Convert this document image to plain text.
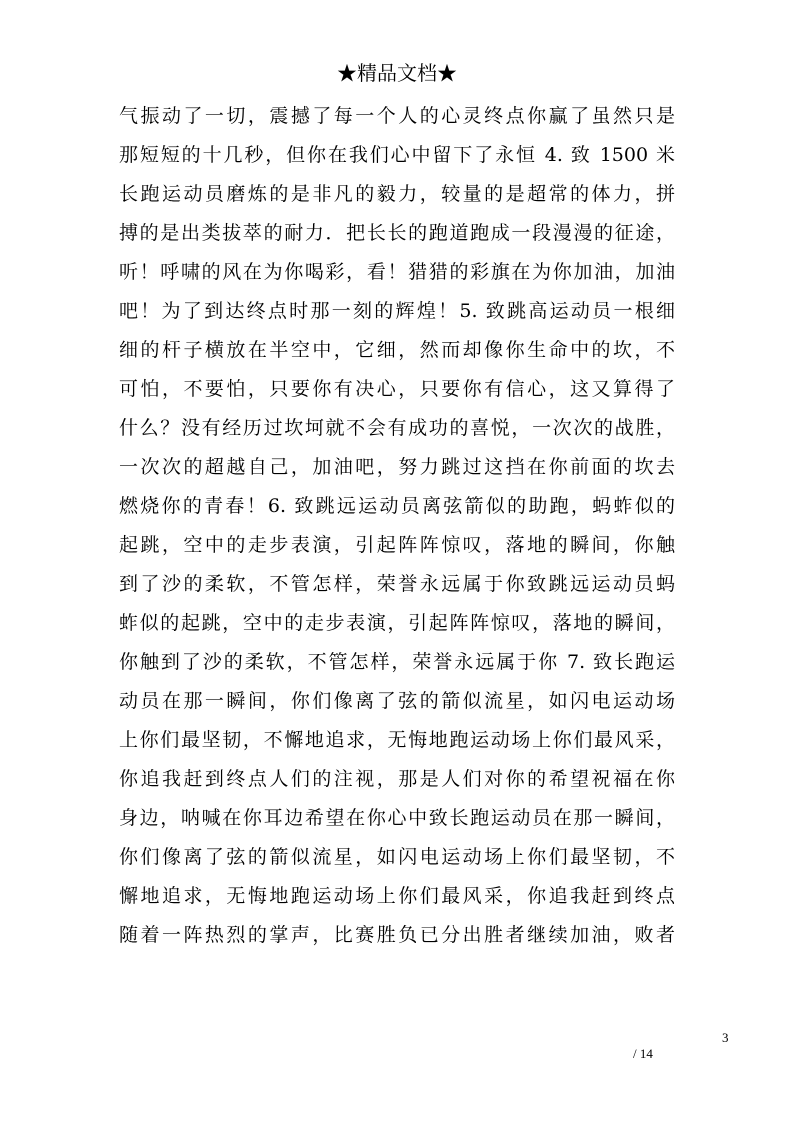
★精品文档★
气振动了一切，震撼了每一个人的心灵终点你赢了虽然只是
那短短的十几秒，但你在我们心中留下了永恒 4. 致 1500 米
长跑运动员磨炼的是非凡的毅力，较量的是超常的体力，拼
搏的是出类拔萃的耐力．把长长的跑道跑成一段漫漫的征途，
听！呼啸的风在为你喝彩，看！猎猎的彩旗在为你加油，加油
吧！为了到达终点时那一刻的辉煌！5. 致跳高运动员一根细
细的杆子横放在半空中，它细，然而却像你生命中的坎，不
可怕，不要怕，只要你有决心，只要你有信心，这又算得了
什么？没有经历过坎坷就不会有成功的喜悦，一次次的战胜，
一次次的超越自己，加油吧，努力跳过这挡在你前面的坎去
燃烧你的青春！6. 致跳远运动员离弦箭似的助跑，蚂蚱似的
起跳，空中的走步表演，引起阵阵惊叹，落地的瞬间，你触
到了沙的柔软，不管怎样，荣誉永远属于你致跳远运动员蚂
蚱似的起跳，空中的走步表演，引起阵阵惊叹，落地的瞬间，
你触到了沙的柔软，不管怎样，荣誉永远属于你 7. 致长跑运
动员在那一瞬间，你们像离了弦的箭似流星，如闪电运动场
上你们最坚韧，不懈地追求，无悔地跑运动场上你们最风采，
你追我赶到终点人们的注视，那是人们对你的希望祝福在你
身边，呐喊在你耳边希望在你心中致长跑运动员在那一瞬间，
你们像离了弦的箭似流星，如闪电运动场上你们最坚韧，不
懈地追求，无悔地跑运动场上你们最风采，你追我赶到终点
随着一阵热烈的掌声，比赛胜负已分出胜者继续加油，败者
3
/ 14
